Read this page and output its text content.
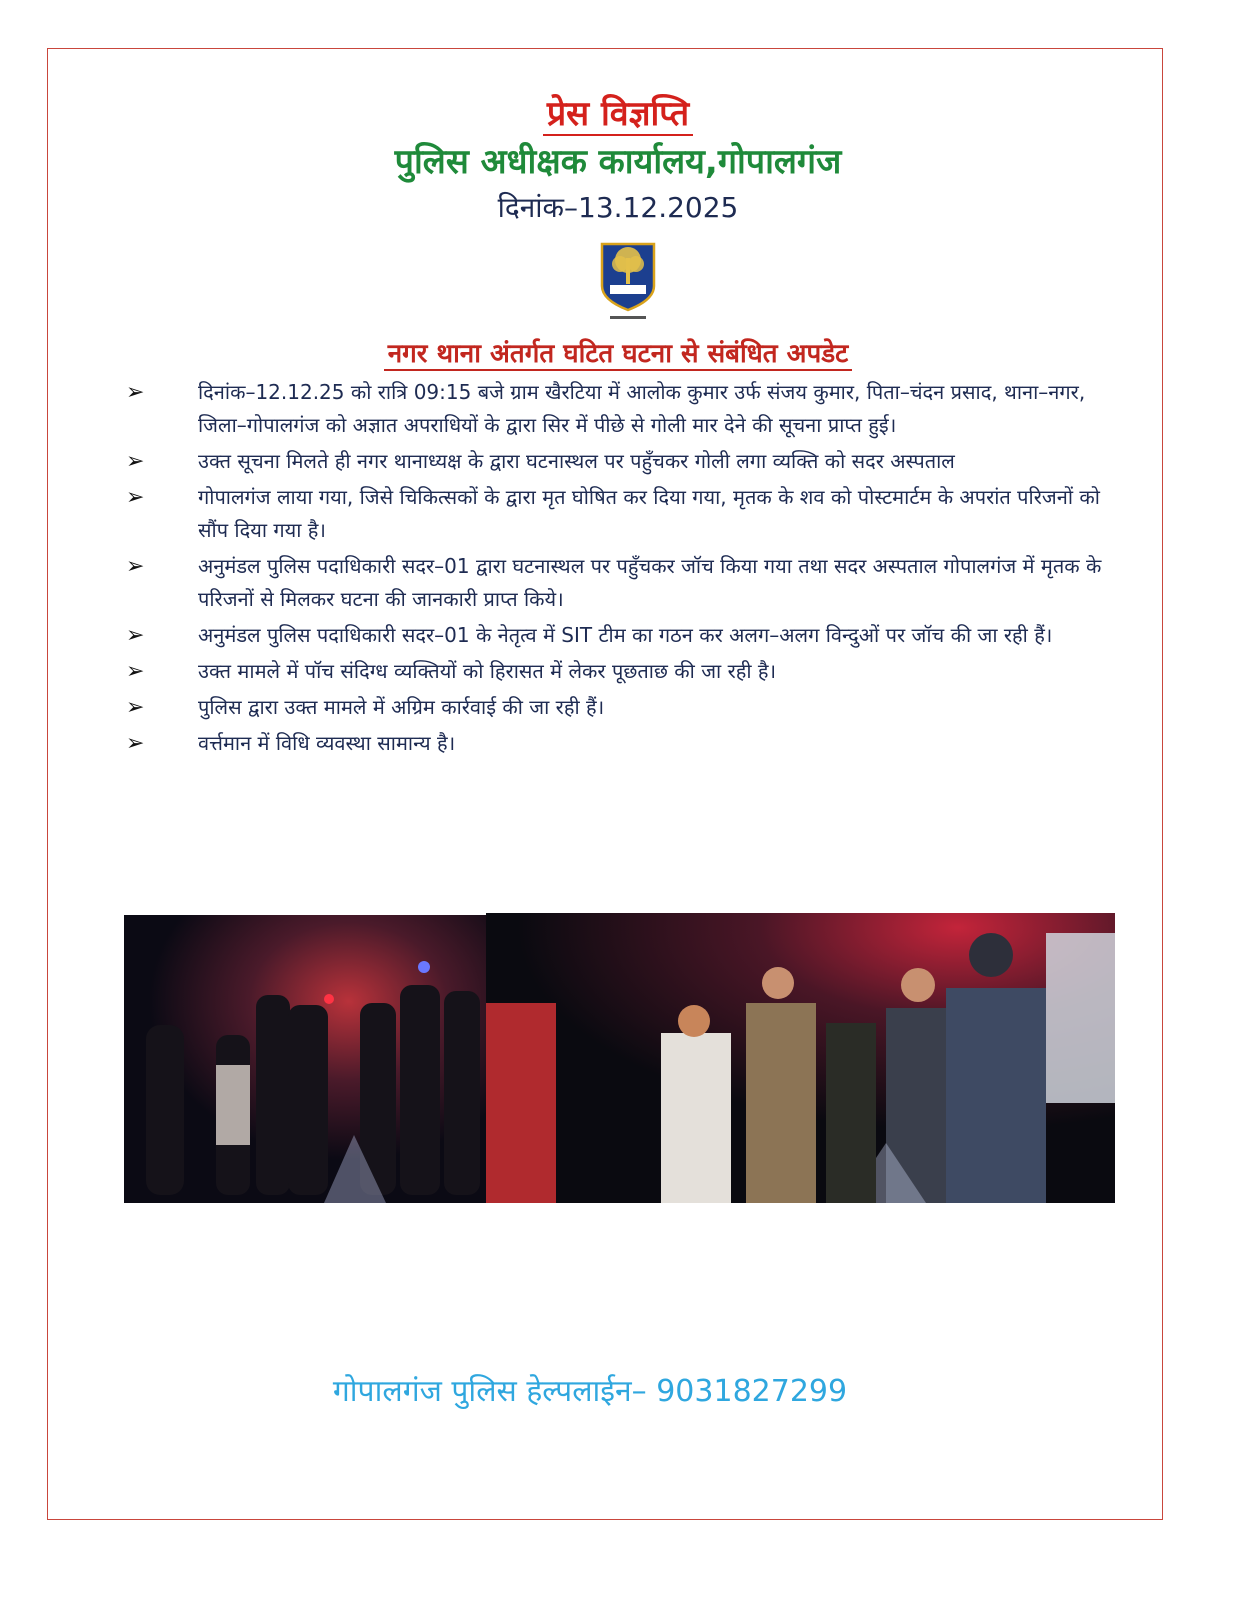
प्रेस विज्ञप्ति
पुलिस अधीक्षक कार्यालय,गोपालगंज
दिनांक–13.12.2025
नगर थाना अंतर्गत घटित घटना से संबंधित अपडेट
➢	दिनांक–12.12.25 को रात्रि 09:15 बजे ग्राम खैरटिया में आलोक कुमार उर्फ संजय कुमार, पिता–चंदन प्रसाद, थाना–नगर, जिला–गोपालगंज को अज्ञात अपराधियों के द्वारा सिर में पीछे से गोली मार देने की सूचना प्राप्त हुई।
➢	उक्त सूचना मिलते ही नगर थानाध्यक्ष के द्वारा घटनास्थल पर पहुँचकर गोली लगा व्यक्ति को सदर अस्पताल
➢	गोपालगंज लाया गया, जिसे चिकित्सकों के द्वारा मृत घोषित कर दिया गया, मृतक के शव को पोस्टमार्टम के अपरांत परिजनों को सौंप दिया गया है।
➢	अनुमंडल पुलिस पदाधिकारी सदर–01 द्वारा घटनास्थल पर पहुँचकर जॉच किया गया तथा सदर अस्पताल गोपालगंज में मृतक के परिजनों से मिलकर घटना की जानकारी प्राप्त किये।
➢	अनुमंडल पुलिस पदाधिकारी सदर–01 के नेतृत्व में SIT टीम का गठन कर अलग–अलग विन्दुओं पर जॉच की जा रही हैं।
➢	उक्त मामले में पॉच संदिग्ध व्यक्तियों को हिरासत में लेकर पूछताछ की जा रही है।
➢	पुलिस द्वारा उक्त मामले में अग्रिम कार्रवाई की जा रही हैं।
➢	वर्त्तमान में विधि व्यवस्था सामान्य है।
गोपालगंज पुलिस हेल्पलाईन– 9031827299
